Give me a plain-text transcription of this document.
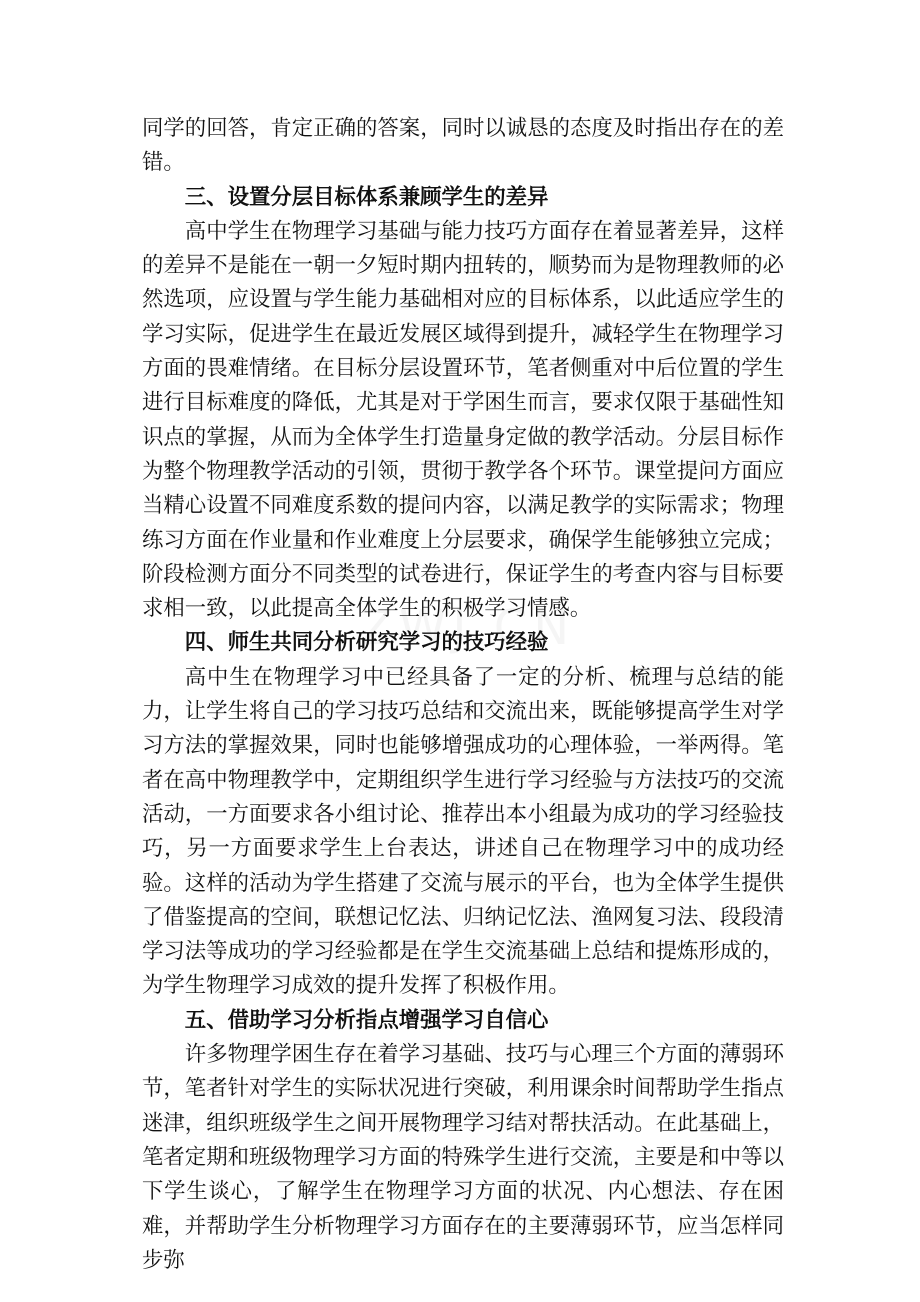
同学的回答，肯定正确的答案，同时以诚恳的态度及时指出存在的差错。

三、设置分层目标体系兼顾学生的差异

高中学生在物理学习基础与能力技巧方面存在着显著差异，这样的差异不是能在一朝一夕短时期内扭转的，顺势而为是物理教师的必然选项，应设置与学生能力基础相对应的目标体系，以此适应学生的学习实际，促进学生在最近发展区域得到提升，减轻学生在物理学习方面的畏难情绪。在目标分层设置环节，笔者侧重对中后位置的学生进行目标难度的降低，尤其是对于学困生而言，要求仅限于基础性知识点的掌握，从而为全体学生打造量身定做的教学活动。分层目标作为整个物理教学活动的引领，贯彻于教学各个环节。课堂提问方面应当精心设置不同难度系数的提问内容，以满足教学的实际需求；物理练习方面在作业量和作业难度上分层要求，确保学生能够独立完成；阶段检测方面分不同类型的试卷进行，保证学生的考查内容与目标要求相一致，以此提高全体学生的积极学习情感。

四、师生共同分析研究学习的技巧经验

高中生在物理学习中已经具备了一定的分析、梳理与总结的能力，让学生将自己的学习技巧总结和交流出来，既能够提高学生对学习方法的掌握效果，同时也能够增强成功的心理体验，一举两得。笔者在高中物理教学中，定期组织学生进行学习经验与方法技巧的交流活动，一方面要求各小组讨论、推荐出本小组最为成功的学习经验技巧，另一方面要求学生上台表达，讲述自己在物理学习中的成功经验。这样的活动为学生搭建了交流与展示的平台，也为全体学生提供了借鉴提高的空间，联想记忆法、归纳记忆法、渔网复习法、段段清学习法等成功的学习经验都是在学生交流基础上总结和提炼形成的，为学生物理学习成效的提升发挥了积极作用。

五、借助学习分析指点增强学习自信心

许多物理学困生存在着学习基础、技巧与心理三个方面的薄弱环节，笔者针对学生的实际状况进行突破，利用课余时间帮助学生指点迷津，组织班级学生之间开展物理学习结对帮扶活动。在此基础上，笔者定期和班级物理学习方面的特殊学生进行交流，主要是和中等以下学生谈心，了解学生在物理学习方面的状况、内心想法、存在困难，并帮助学生分析物理学习方面存在的主要薄弱环节，应当怎样同步弥
